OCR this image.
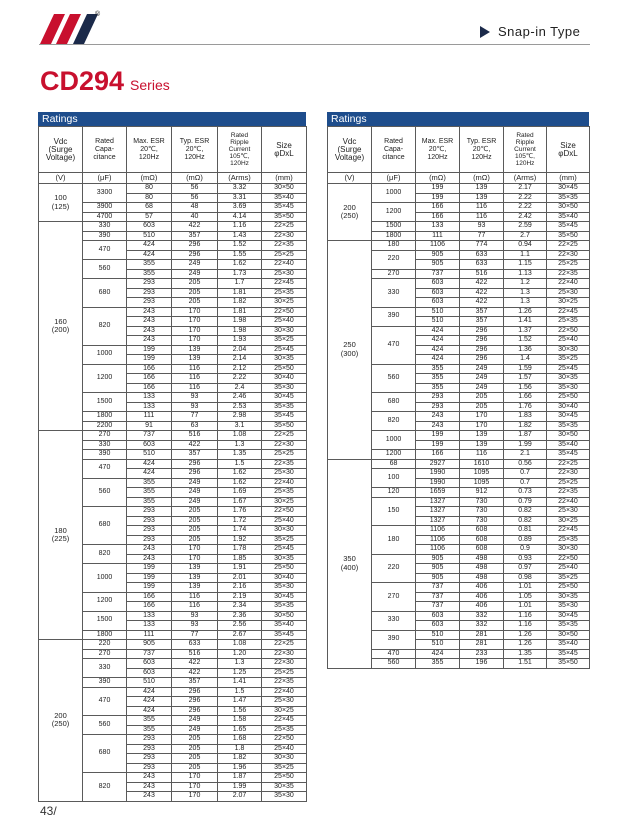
®
Snap-in Type
CD294 Series
Ratings
Vdc
(Surge
Voltage)	Rated
Capa-
citance	Max. ESR
20℃,
120Hz	Typ. ESR
20℃,
120Hz	Rated
Ripple
Current
105℃,
120Hz	Size
φDxL
(V)	(μF)	(mΩ)	(mΩ)	(Arms)	(mm)
100
(125)	3300	80	56	3.32	30×50
		80	56	3.31	35×40
	3900	68	48	3.69	35×45
	4700	57	40	4.14	35×50
160
(200)	330	603	422	1.16	22×25
	390	510	357	1.43	22×30
	470	424	296	1.52	22×35
		424	296	1.55	25×25
	560	355	249	1.62	22×40
		355	249	1.73	25×30
	680	293	205	1.7	22×45
		293	205	1.81	25×35
		293	205	1.82	30×25
	820	243	170	1.81	22×50
		243	170	1.98	25×40
		243	170	1.98	30×30
		243	170	1.93	35×25
	1000	199	139	2.04	25×45
		199	139	2.14	30×35
	1200	166	116	2.12	25×50
		166	116	2.22	30×40
		166	116	2.4	35×30
	1500	133	93	2.46	30×45
		133	93	2.53	35×35
	1800	111	77	2.98	35×45
	2200	91	63	3.1	35×50
180
(225)	270	737	516	1.08	22×25
	330	603	422	1.3	22×30
	390	510	357	1.35	25×25
	470	424	296	1.5	22×35
		424	296	1.62	25×30
	560	355	249	1.62	22×40
		355	249	1.69	25×35
		355	249	1.67	30×25
	680	293	205	1.76	22×50
		293	205	1.72	25×40
		293	205	1.74	30×30
		293	205	1.92	35×25
	820	243	170	1.78	25×45
		243	170	1.85	30×35
	1000	199	139	1.91	25×50
		199	139	2.01	30×40
		199	139	2.16	35×30
	1200	166	116	2.19	30×45
		166	116	2.34	35×35
	1500	133	93	2.36	30×50
		133	93	2.56	35×40
	1800	111	77	2.67	35×45
200
(250)	220	905	633	1.08	22×25
	270	737	516	1.20	22×30
	330	603	422	1.3	22×30
		603	422	1.25	25×25
	390	510	357	1.41	22×35
	470	424	296	1.5	22×40
		424	296	1.47	25×30
		424	296	1.56	30×25
	560	355	249	1.58	22×45
		355	249	1.65	25×35
	680	293	205	1.68	22×50
		293	205	1.8	25×40
		293	205	1.82	30×30
		293	205	1.96	35×25
	820	243	170	1.87	25×50
		243	170	1.99	30×35
		243	170	2.07	35×30
Ratings
Vdc
(Surge
Voltage)	Rated
Capa-
citance	Max. ESR
20℃,
120Hz	Typ. ESR
20℃,
120Hz	Rated
Ripple
Current
105℃,
120Hz	Size
φDxL
(V)	(μF)	(mΩ)	(mΩ)	(Arms)	(mm)
200
(250)	1000	199	139	2.17	30×45
		199	139	2.22	35×35
	1200	166	116	2.22	30×50
		166	116	2.42	35×40
	1500	133	93	2.59	35×45
	1800	111	77	2.7	35×50
250
(300)	180	1106	774	0.94	22×25
	220	905	633	1.1	22×30
		905	633	1.15	25×25
	270	737	516	1.13	22×35
	330	603	422	1.2	22×40
		603	422	1.3	25×30
		603	422	1.3	30×25
	390	510	357	1.26	22×45
		510	357	1.41	25×35
	470	424	296	1.37	22×50
		424	296	1.52	25×40
		424	296	1.36	30×30
		424	296	1.4	35×25
	560	355	249	1.59	25×45
		355	249	1.57	30×35
		355	249	1.56	35×30
	680	293	205	1.66	25×50
		293	205	1.76	30×40
	820	243	170	1.83	30×45
		243	170	1.82	35×35
	1000	199	139	1.87	30×50
		199	139	1.99	35×40
	1200	166	116	2.1	35×45
350
(400)	68	2927	1610	0.56	22×25
	100	1990	1095	0.7	22×30
		1990	1095	0.7	25×25
	120	1659	912	0.73	22×35
	150	1327	730	0.79	22×40
		1327	730	0.82	25×30
		1327	730	0.82	30×25
	180	1106	608	0.81	22×45
		1106	608	0.89	25×35
		1106	608	0.9	30×30
	220	905	498	0.93	22×50
		905	498	0.97	25×40
		905	498	0.98	35×25
	270	737	406	1.01	25×50
		737	406	1.05	30×35
		737	406	1.01	35×30
	330	603	332	1.16	30×45
		603	332	1.16	35×35
	390	510	281	1.26	30×50
		510	281	1.26	35×40
	470	424	233	1.35	35×45
	560	355	196	1.51	35×50
43/
